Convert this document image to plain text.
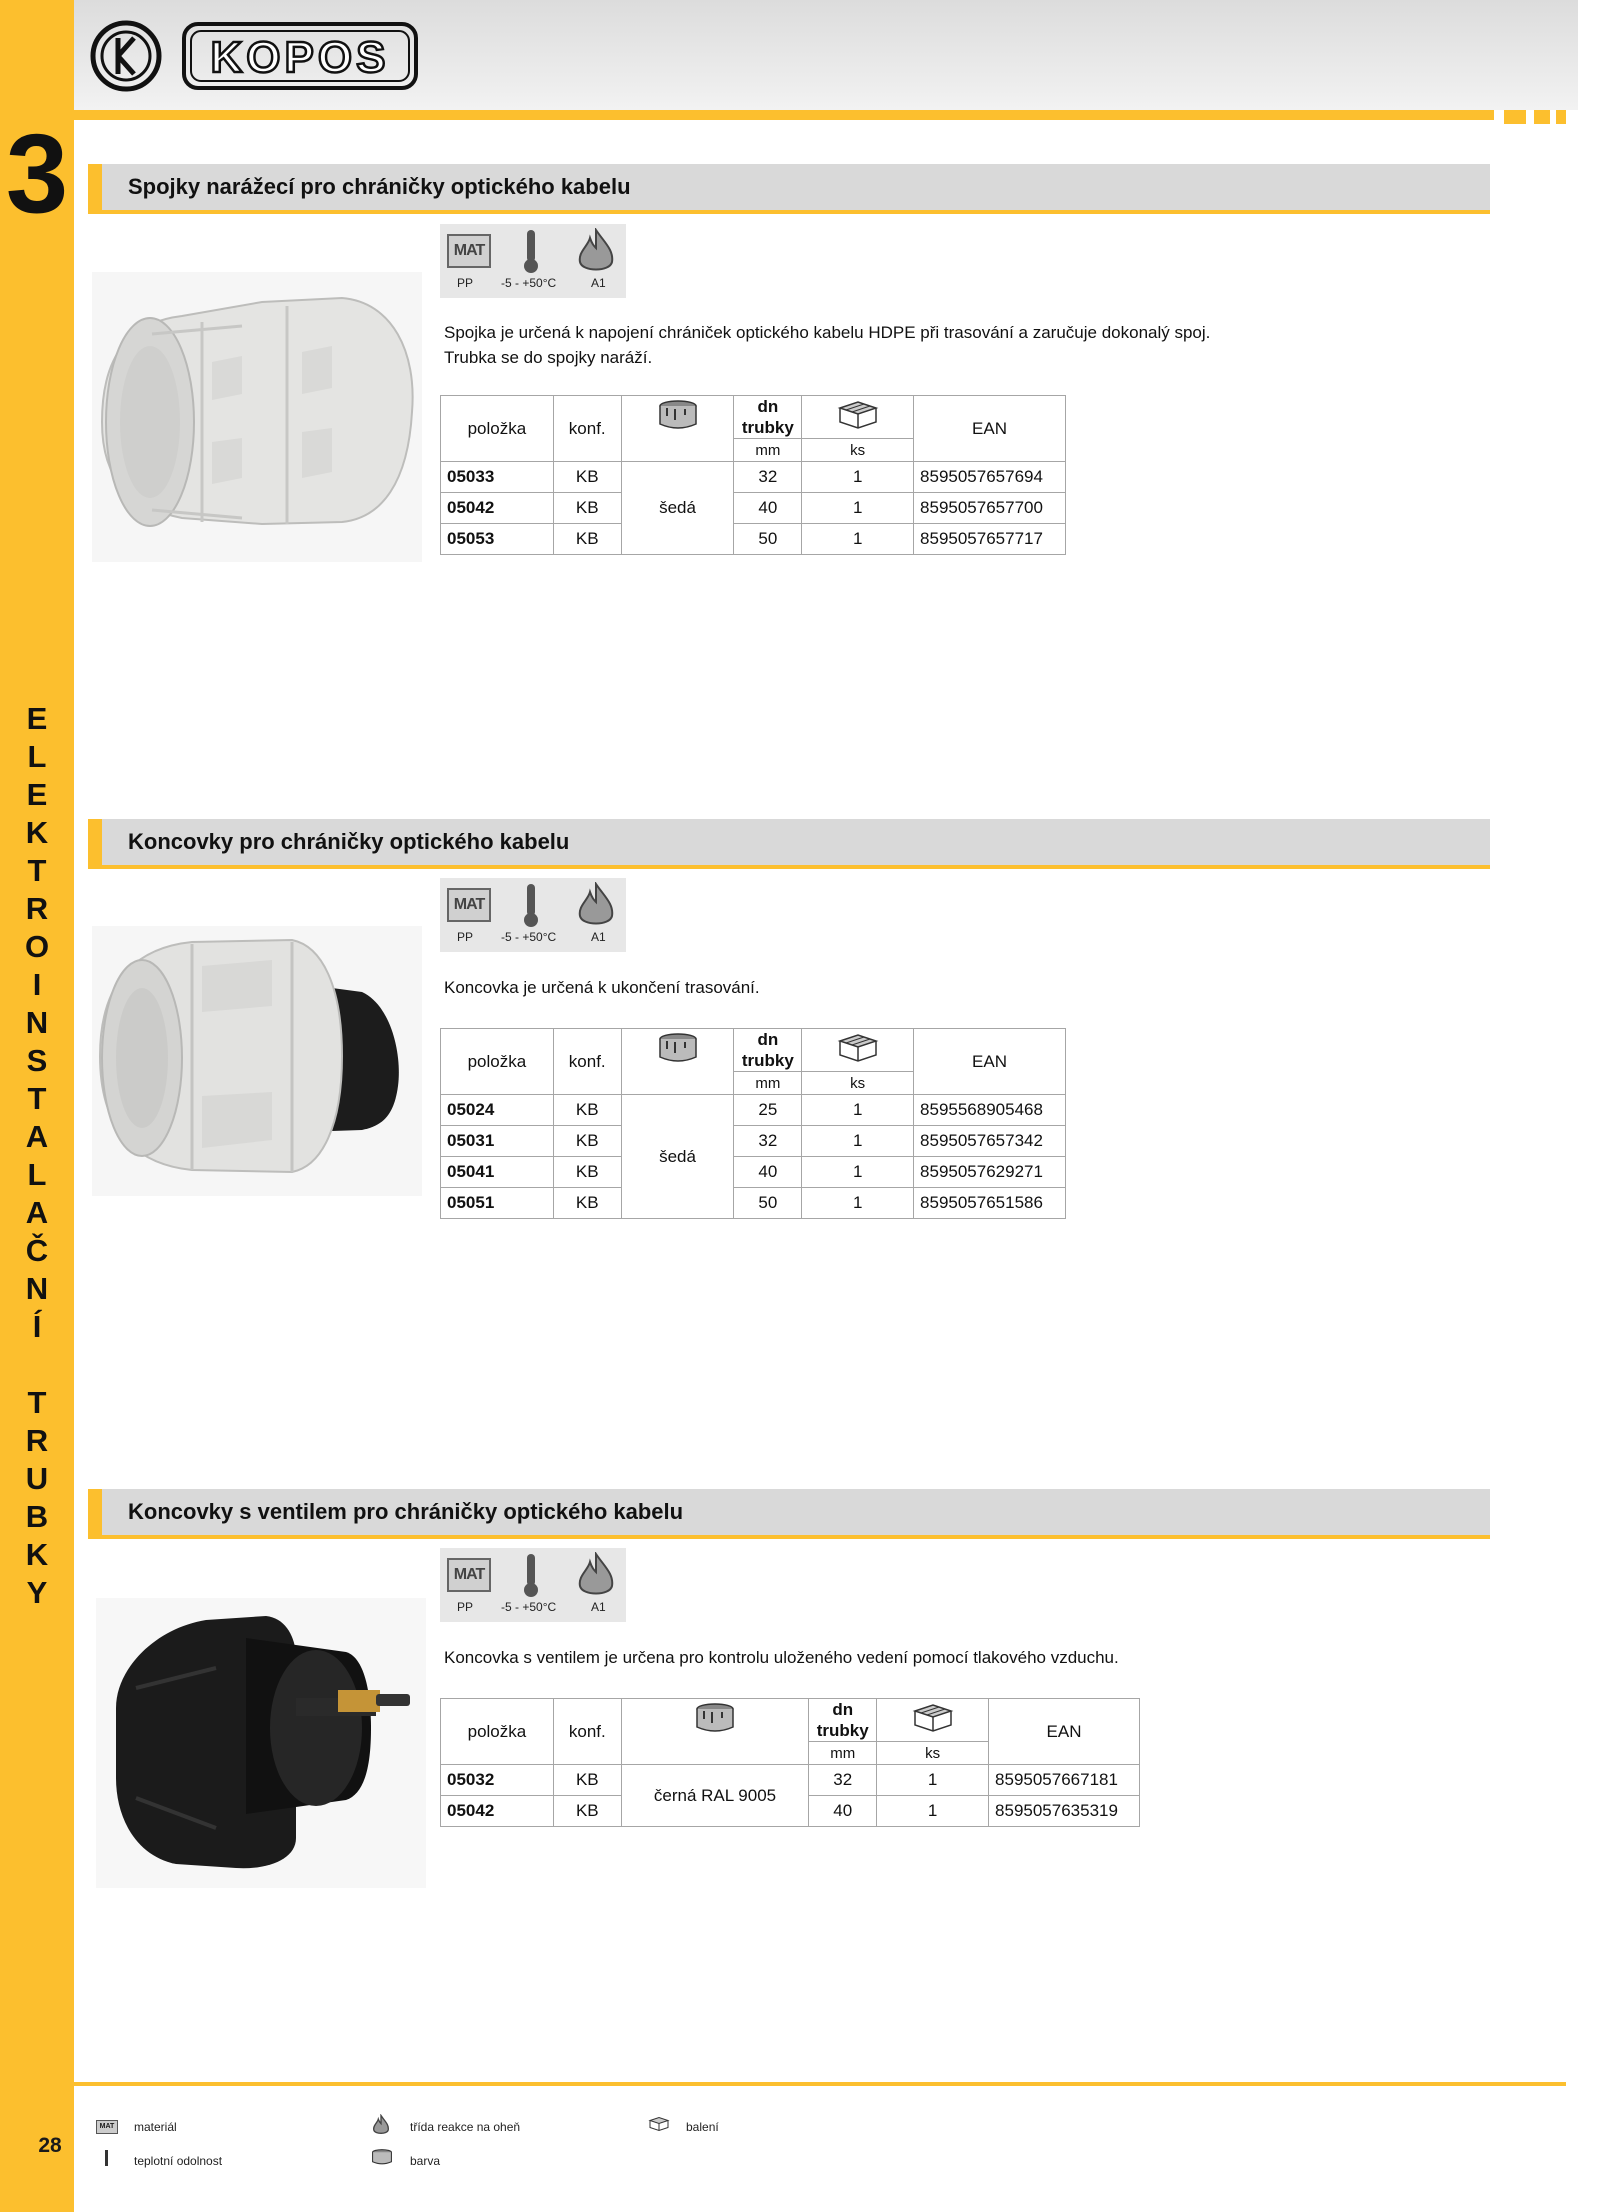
3
E
L
E
K
T
R
O
I
N
S
T
A
L
A
Č
N
Í
T
R
U
B
K
Y
28
KOPOS
Spojky narážecí pro chráničky optického kabelu
MAT
PP -5 - +50°C	A1
Spojka je určená k napojení chrániček optického kabelu HDPE při trasování a zaručuje dokonalý spoj.
Trubka se do spojky naráží.
položka	konf.		dn
trubky		EAN
			mm	ks	
05033	KB	šedá	32	1	8595057657694
05042	KB		40	1	8595057657700
05053	KB		50	1	8595057657717
Koncovky pro chráničky optického kabelu
MAT
PP -5 - +50°C	A1
Koncovka je určená k ukončení trasování.
položka	konf.		dn
trubky		EAN
			mm	ks	
05024	KB	šedá	25	1	8595568905468
05031	KB		32	1	8595057657342
05041	KB		40	1	8595057629271
05051	KB		50	1	8595057651586
Koncovky s ventilem pro chráničky optického kabelu
MAT
PP -5 - +50°C	A1
Koncovka s ventilem je určena pro kontrolu uloženého vedení pomocí tlakového vzduchu.
položka	konf.		dn
trubky		EAN
			mm	ks	
05032	KB	černá RAL 9005	32	1	8595057667181
05042	KB		40	1	8595057635319
MAT	materiál
teplotní odolnost
třída reakce na oheň
barva
balení
